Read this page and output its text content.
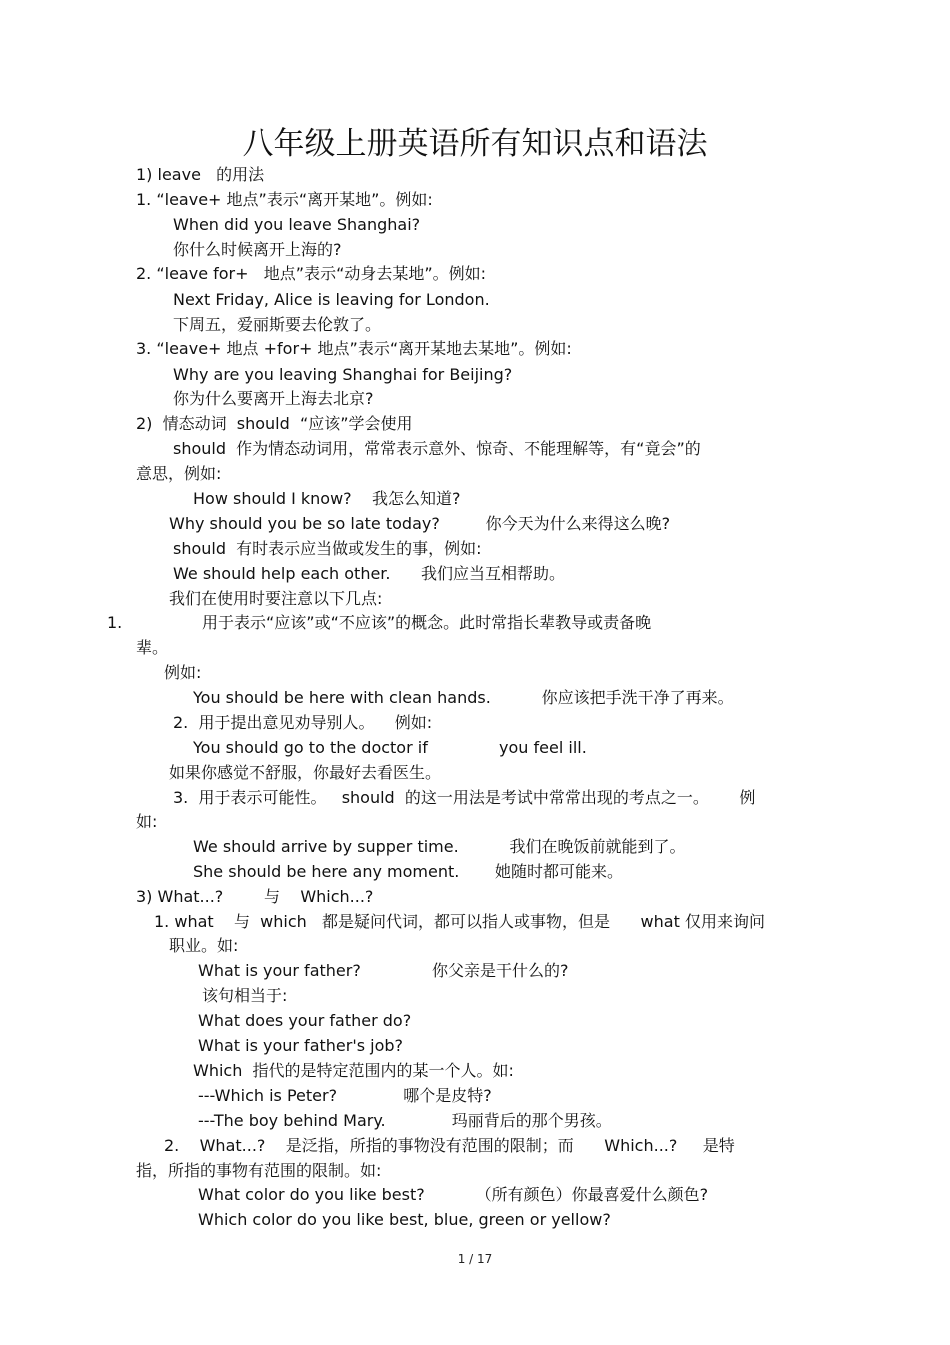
八年级上册英语所有知识点和语法
1) leave   的用法
1. “leave+ 地点”表示“离开某地”。例如:
When did you leave Shanghai?
你什么时候离开上海的?
2. “leave for+   地点”表示“动身去某地”。例如:
Next Friday, Alice is leaving for London.
下周五，爱丽斯要去伦敦了。
3. “leave+ 地点 +for+ 地点”表示“离开某地去某地”。例如:
Why are you leaving Shanghai for Beijing?
你为什么要离开上海去北京?
2)  情态动词  should  “应该”学会使用
should  作为情态动词用，常常表示意外、惊奇、不能理解等，有“竟会”的
意思，例如:
How should I know?    我怎么知道?
Why should you be so late today?         你今天为什么来得这么晚?
should  有时表示应当做或发生的事，例如:
We should help each other.      我们应当互相帮助。
我们在使用时要注意以下几点:
1.	用于表示“应该”或“不应该”的概念。此时常指长辈教导或责备晚
辈。
例如:
You should be here with clean hands.          你应该把手洗干净了再来。
2.  用于提出意见劝导别人。    例如:
You should go to the doctor if              you feel ill.
如果你感觉不舒服，你最好去看医生。
3.  用于表示可能性。   should  的这一用法是考试中常常出现的考点之一。      例
如:
We should arrive by supper time.          我们在晚饭前就能到了。
She should be here any moment.       她随时都可能来。
3) What...?        与    Which...?
1. what    与  which   都是疑问代词，都可以指人或事物，但是      what 仅用来询问
职业。如:
What is your father?              你父亲是干什么的?
该句相当于:
What does your father do?
What is your father's job?
Which  指代的是特定范围内的某一个人。如:
---Which is Peter?             哪个是皮特?
---The boy behind Mary.             玛丽背后的那个男孩。
2.    What...?    是泛指，所指的事物没有范围的限制；而      Which...?     是特
指，所指的事物有范围的限制。如:
What color do you like best?          （所有颜色）你最喜爱什么颜色?
Which color do you like best, blue, green or yellow?
1 / 17
